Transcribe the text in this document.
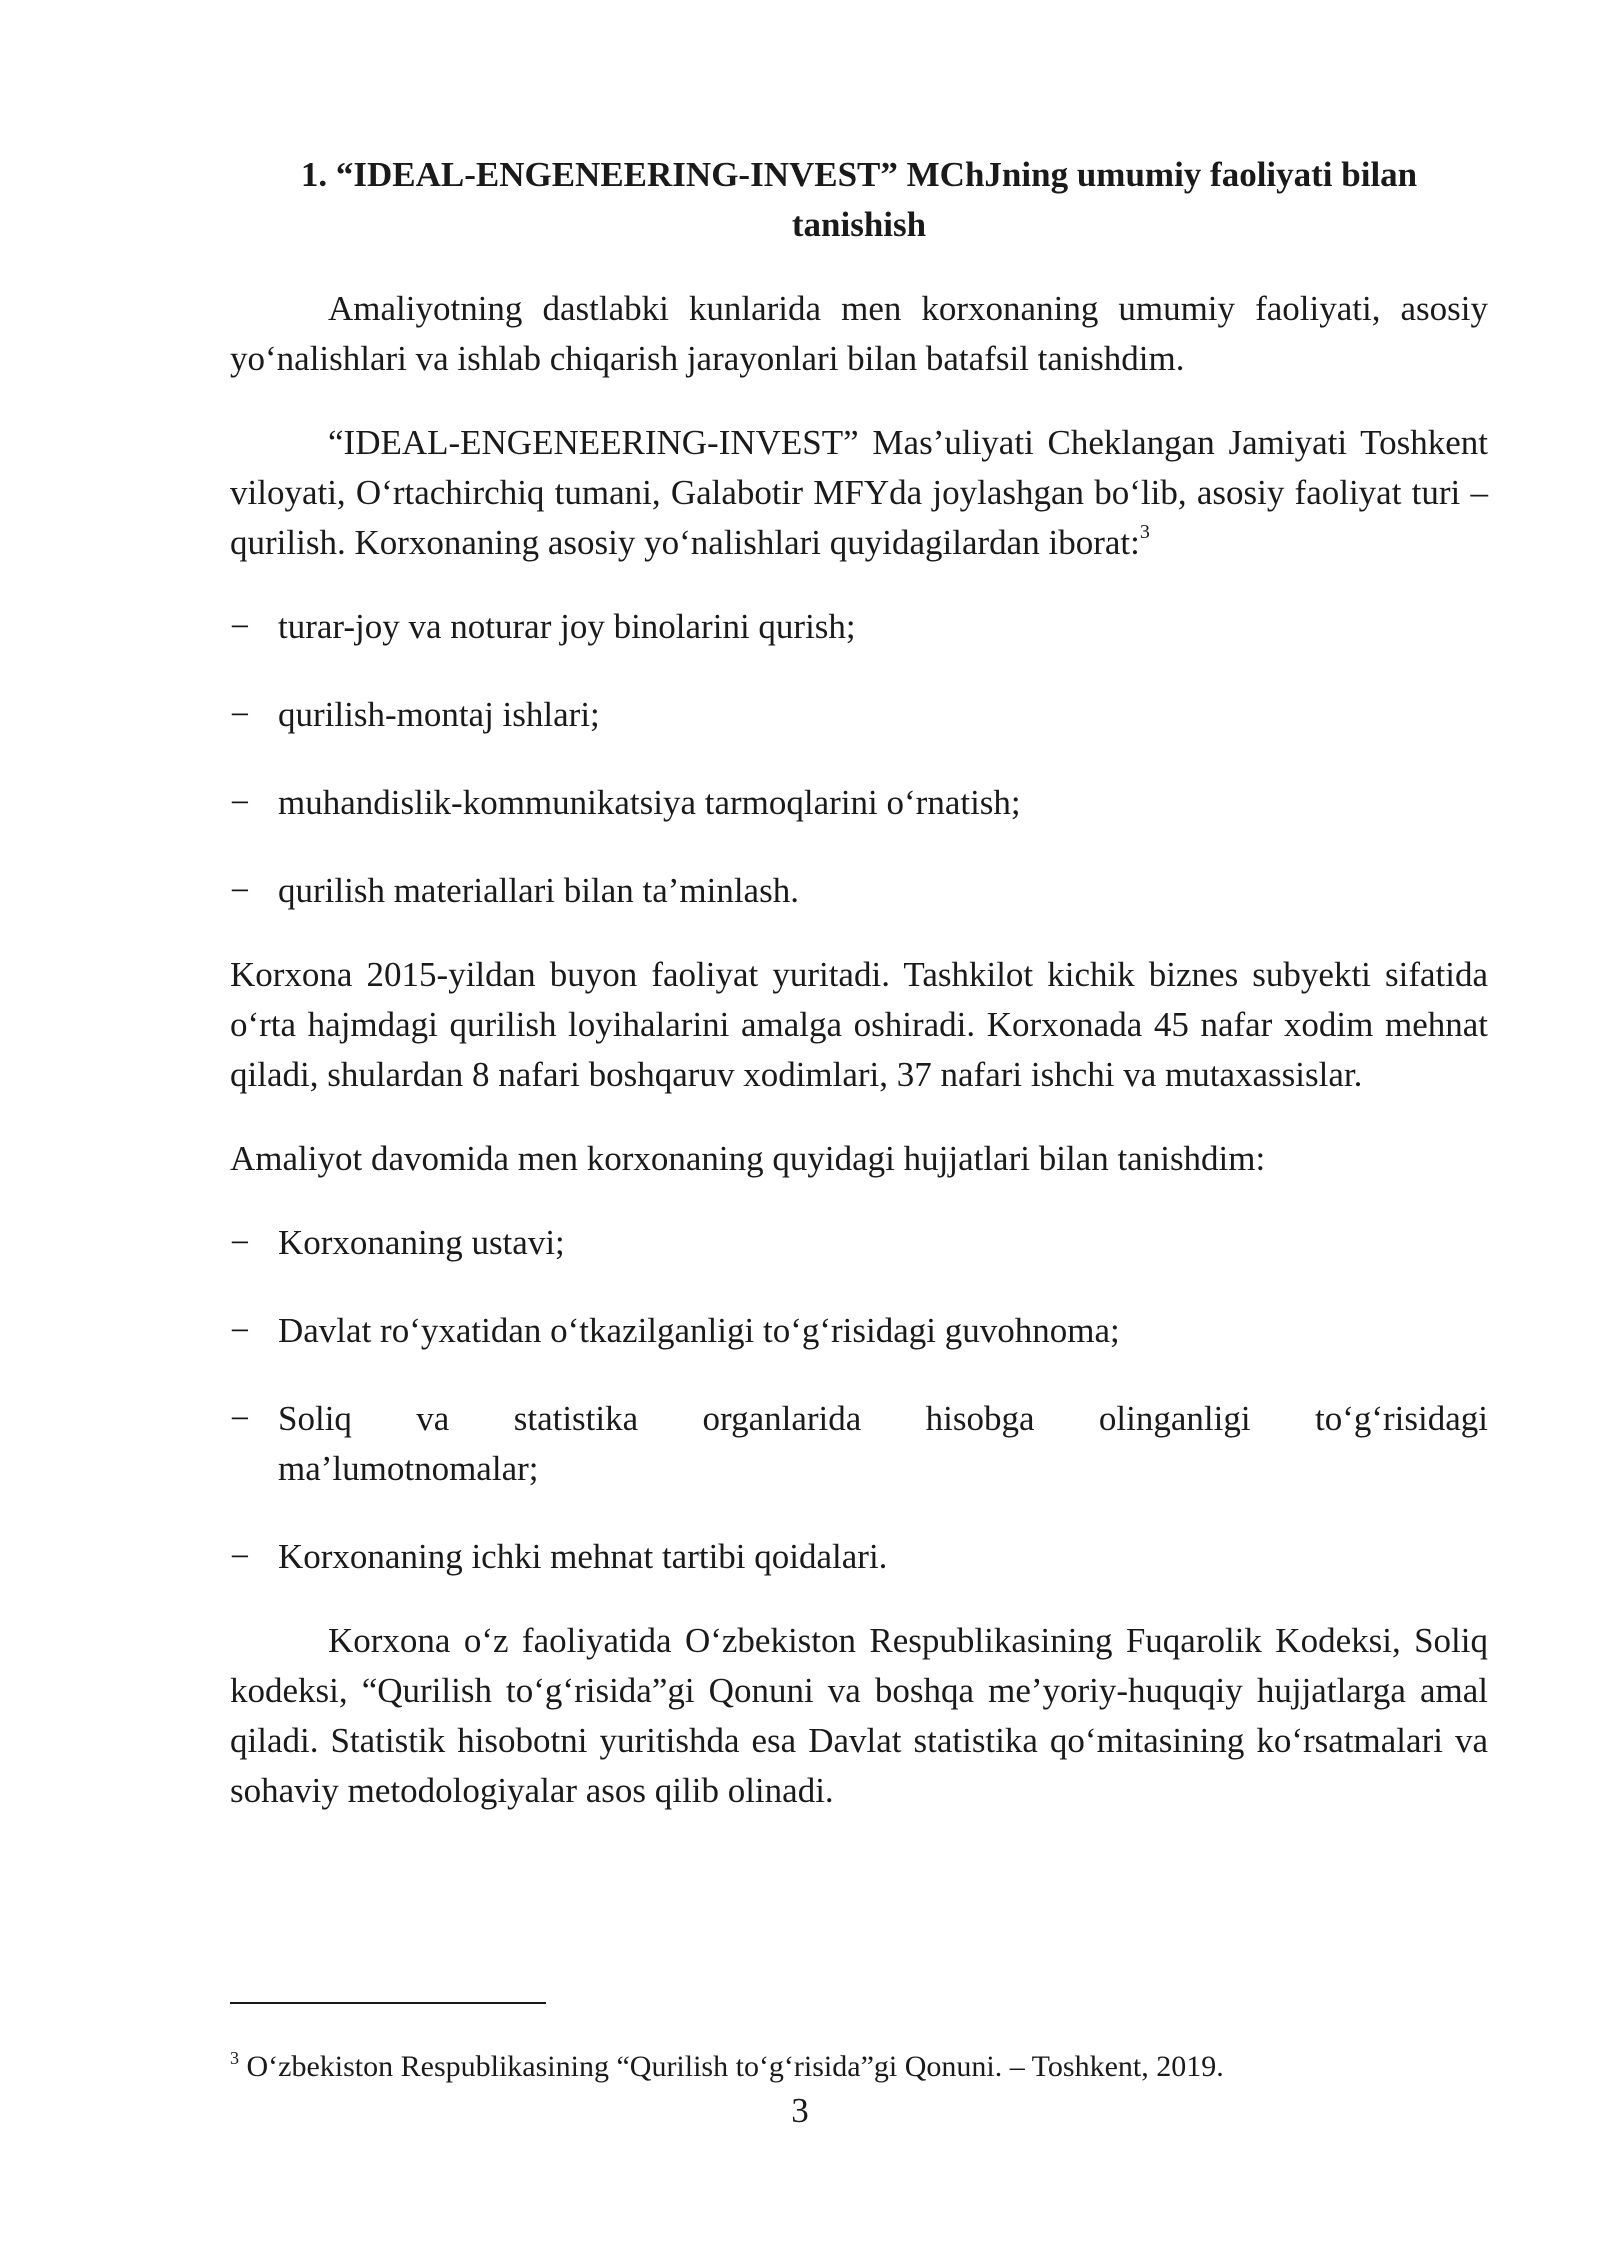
1. “IDEAL-ENGENEERING-INVEST” MChJning umumiy faoliyati bilan
tanishish

Amaliyotning dastlabki kunlarida men korxonaning umumiy faoliyati, asosiy yo‘nalishlari va ishlab chiqarish jarayonlari bilan batafsil tanishdim.

“IDEAL-ENGENEERING-INVEST” Mas’uliyati Cheklangan Jamiyati Toshkent viloyati, O‘rtachirchiq tumani, Galabotir MFYda joylashgan bo‘lib, asosiy faoliyat turi – qurilish. Korxonaning asosiy yo‘nalishlari quyidagilardan iborat:$^3$

− turar-joy va noturar joy binolarini qurish;
− qurilish-montaj ishlari;
− muhandislik-kommunikatsiya tarmoqlarini o‘rnatish;
− qurilish materiallari bilan ta’minlash.

Korxona 2015-yildan buyon faoliyat yuritadi. Tashkilot kichik biznes subyekti sifatida o‘rta hajmdagi qurilish loyihalarini amalga oshiradi. Korxonada 45 nafar xodim mehnat qiladi, shulardan 8 nafari boshqaruv xodimlari, 37 nafari ishchi va mutaxassislar.

Amaliyot davomida men korxonaning quyidagi hujjatlari bilan tanishdim:

− Korxonaning ustavi;
− Davlat ro‘yxatidan o‘tkazilganligi to‘g‘risidagi guvohnoma;
− Soliq va statistika organlarida hisobga olinganligi to‘g‘risidagi
ma’lumotnomalar;
− Korxonaning ichki mehnat tartibi qoidalari.

Korxona o‘z faoliyatida O‘zbekiston Respublikasining Fuqarolik Kodeksi, Soliq kodeksi, “Qurilish to‘g‘risida”gi Qonuni va boshqa me’yoriy-huquqiy hujjatlarga amal qiladi. Statistik hisobotni yuritishda esa Davlat statistika qo‘mitasining ko‘rsatmalari va sohaviy metodologiyalar asos qilib olinadi.

$^3$ O‘zbekiston Respublikasining “Qurilish to‘g‘risida”gi Qonuni. – Toshkent, 2019.
3
